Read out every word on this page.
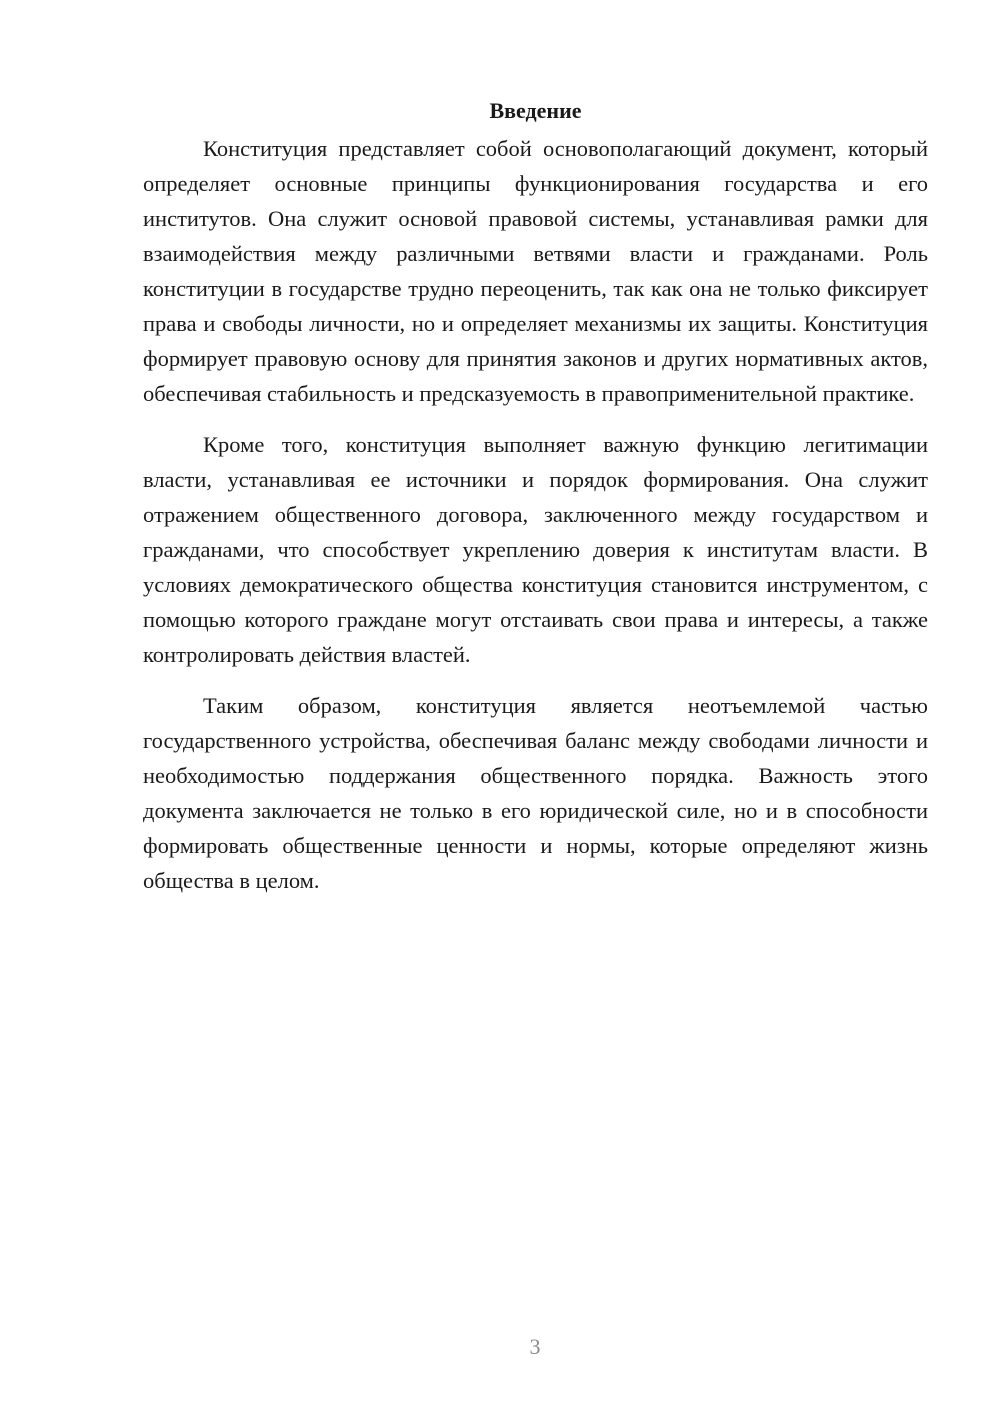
Введение

Конституция представляет собой основополагающий документ, который определяет основные принципы функционирования государства и его институтов. Она служит основой правовой системы, устанавливая рамки для взаимодействия между различными ветвями власти и гражданами. Роль конституции в государстве трудно переоценить, так как она не только фиксирует права и свободы личности, но и определяет механизмы их защиты. Конституция формирует правовую основу для принятия законов и других нормативных актов, обеспечивая стабильность и предсказуемость в правоприменительной практике.

Кроме того, конституция выполняет важную функцию легитимации власти, устанавливая ее источники и порядок формирования. Она служит отражением общественного договора, заключенного между государством и гражданами, что способствует укреплению доверия к институтам власти. В условиях демократического общества конституция становится инструментом, с помощью которого граждане могут отстаивать свои права и интересы, а также контролировать действия властей.

Таким образом, конституция является неотъемлемой частью государственного устройства, обеспечивая баланс между свободами личности и необходимостью поддержания общественного порядка. Важность этого документа заключается не только в его юридической силе, но и в способности формировать общественные ценности и нормы, которые определяют жизнь общества в целом.

3
